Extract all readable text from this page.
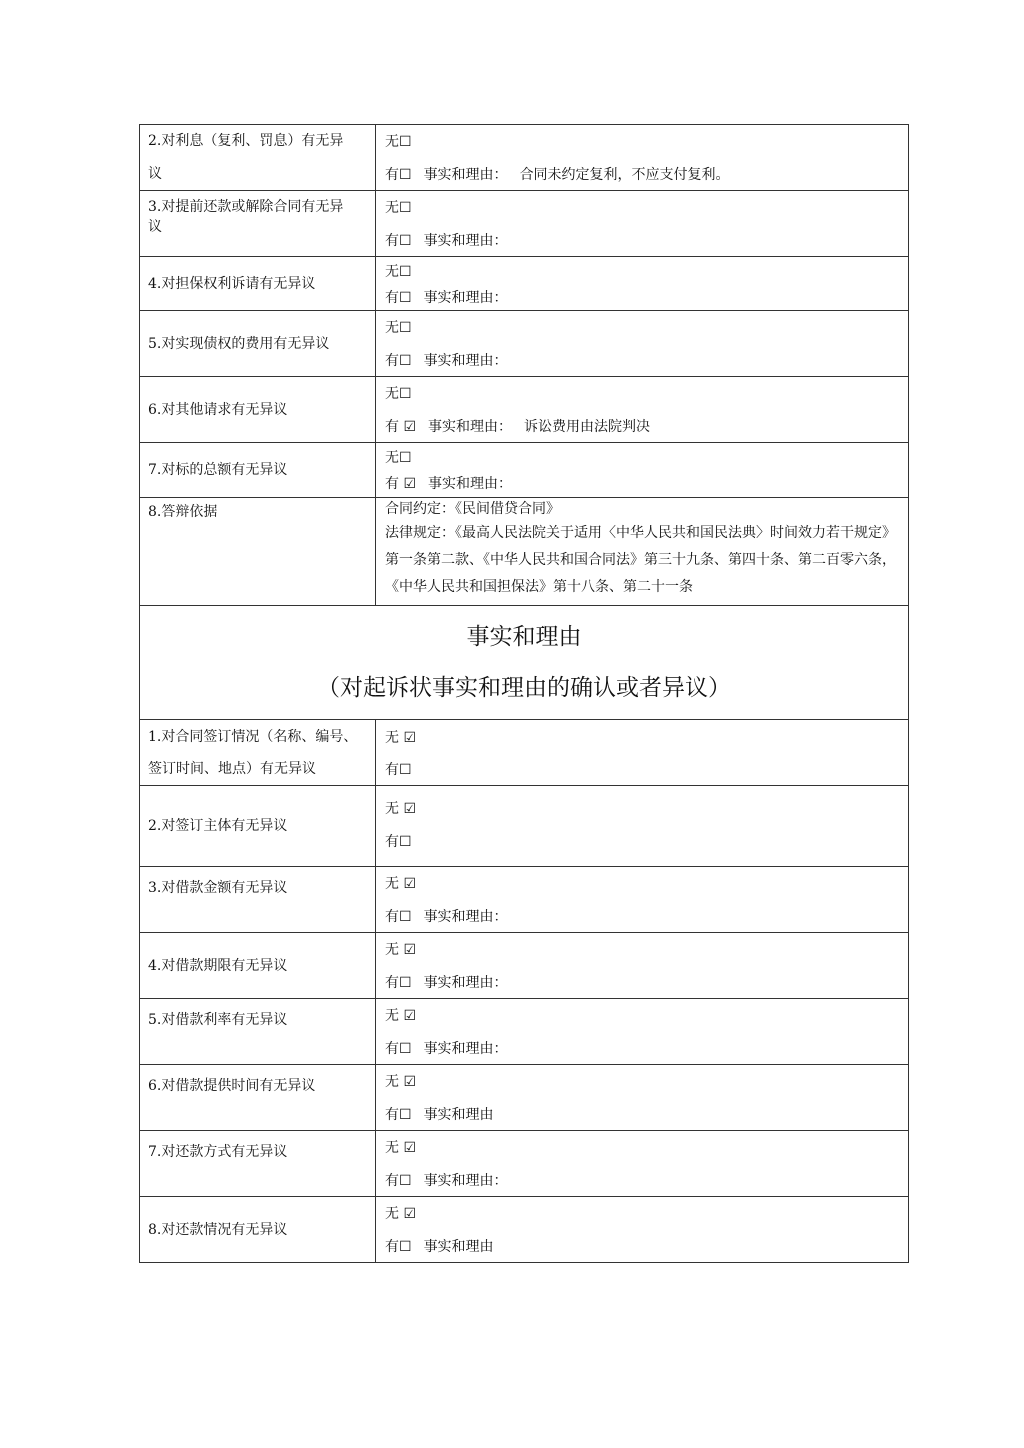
2.对利息（复利、罚息）有无异
议	无☐
有☐ 事实和理由： 合同未约定复利，不应支付复利。

3.对提前还款或解除合同有无异
议	无☐
有☐ 事实和理由：

4.对担保权利诉请有无异议	无☐
有☐ 事实和理由：

5.对实现债权的费用有无异议	无☐
有☐ 事实和理由：

6.对其他请求有无异议	无☐
有 ☑ 事实和理由： 诉讼费用由法院判决

7.对标的总额有无异议	无☐
有 ☑ 事实和理由：

8.答辩依据	合同约定：《民间借贷合同》
法律规定：《最高人民法院关于适用〈中华人民共和国民法典〉时间效力若干规定》第一条第二款、《中华人民共和国合同法》第三十九条、第四十条、第二百零六条，《中华人民共和国担保法》第十八条、第二十一条

事实和理由
（对起诉状事实和理由的确认或者异议）	

1.对合同签订情况（名称、编号、
签订时间、地点）有无异议	无 ☑
有☐

2.对签订主体有无异议	无 ☑
有☐

3.对借款金额有无异议	无 ☑
有☐ 事实和理由：

4.对借款期限有无异议	无 ☑
有☐ 事实和理由：

5.对借款利率有无异议	无 ☑
有☐ 事实和理由：

6.对借款提供时间有无异议	无 ☑
有☐ 事实和理由

7.对还款方式有无异议	无 ☑
有☐ 事实和理由：

8.对还款情况有无异议	无 ☑
有☐ 事实和理由
